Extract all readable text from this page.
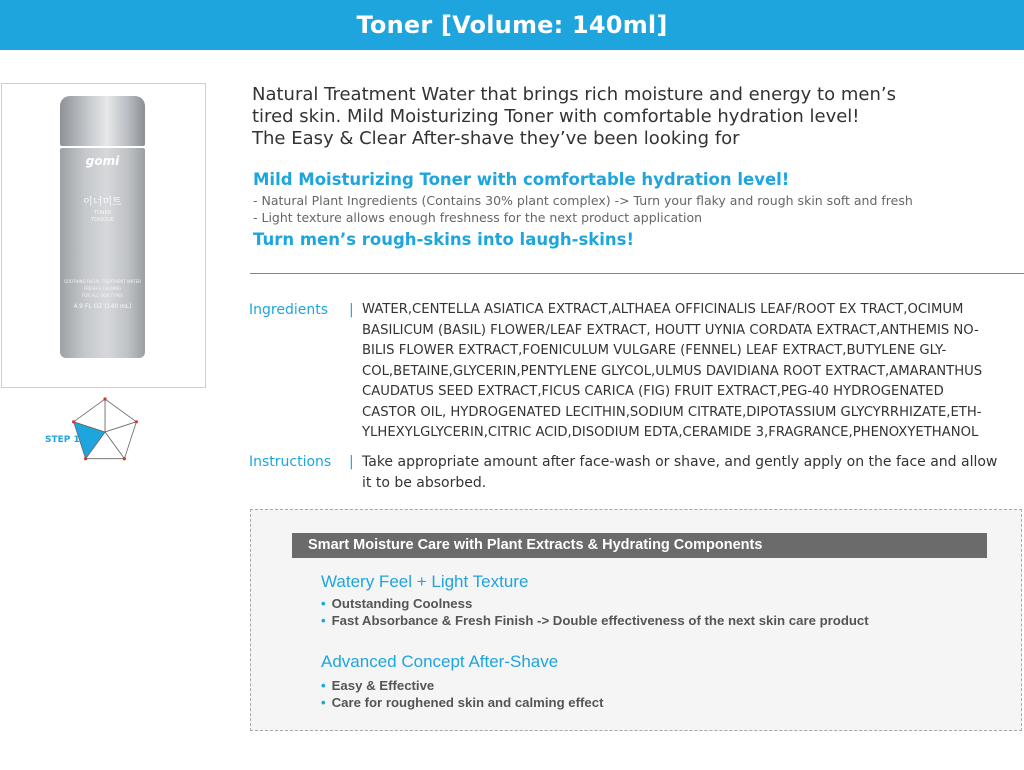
Toner [Volume: 140ml]
gomi
이너미트
TONER
TONIQUE
SOOTHING FACIAL TREATMENT WATER
FRESH & CALMING
FOR ALL SKIN TYPES
4.9 FL OZ (140 mL)
STEP 1
Natural Treatment Water that brings rich moisture and energy to men’s
tired skin. Mild Moisturizing Toner with comfortable hydration level!
The Easy & Clear After-shave they’ve been looking for
Mild Moisturizing Toner with comfortable hydration level!
- Natural Plant Ingredients (Contains 30% plant complex) -> Turn your flaky and rough skin soft and fresh
- Light texture allows enough freshness for the next product application
Turn men’s rough-skins into laugh-skins!
Ingredients | WATER,CENTELLA ASIATICA EXTRACT,ALTHAEA OFFICINALIS LEAF/ROOT EX TRACT,OCIMUM
BASILICUM (BASIL) FLOWER/LEAF EXTRACT, HOUTT UYNIA CORDATA EXTRACT,ANTHEMIS NO-
BILIS FLOWER EXTRACT,FOENICULUM VULGARE (FENNEL) LEAF EXTRACT,BUTYLENE GLY-
COL,BETAINE,GLYCERIN,PENTYLENE GLYCOL,ULMUS DAVIDIANA ROOT EXTRACT,AMARANTHUS
CAUDATUS SEED EXTRACT,FICUS CARICA (FIG) FRUIT EXTRACT,PEG-40 HYDROGENATED
CASTOR OIL, HYDROGENATED LECITHIN,SODIUM CITRATE,DIPOTASSIUM GLYCYRRHIZATE,ETH-
YLHEXYLGLYCERIN,CITRIC ACID,DISODIUM EDTA,CERAMIDE 3,FRAGRANCE,PHENOXYETHANOL
Instructions | Take appropriate amount after face-wash or shave, and gently apply on the face and allow
it to be absorbed.
Smart Moisture Care with Plant Extracts & Hydrating Components
Watery Feel + Light Texture
• Outstanding Coolness
• Fast Absorbance & Fresh Finish -> Double effectiveness of the next skin care product
Advanced Concept After-Shave
• Easy & Effective
• Care for roughened skin and calming effect
